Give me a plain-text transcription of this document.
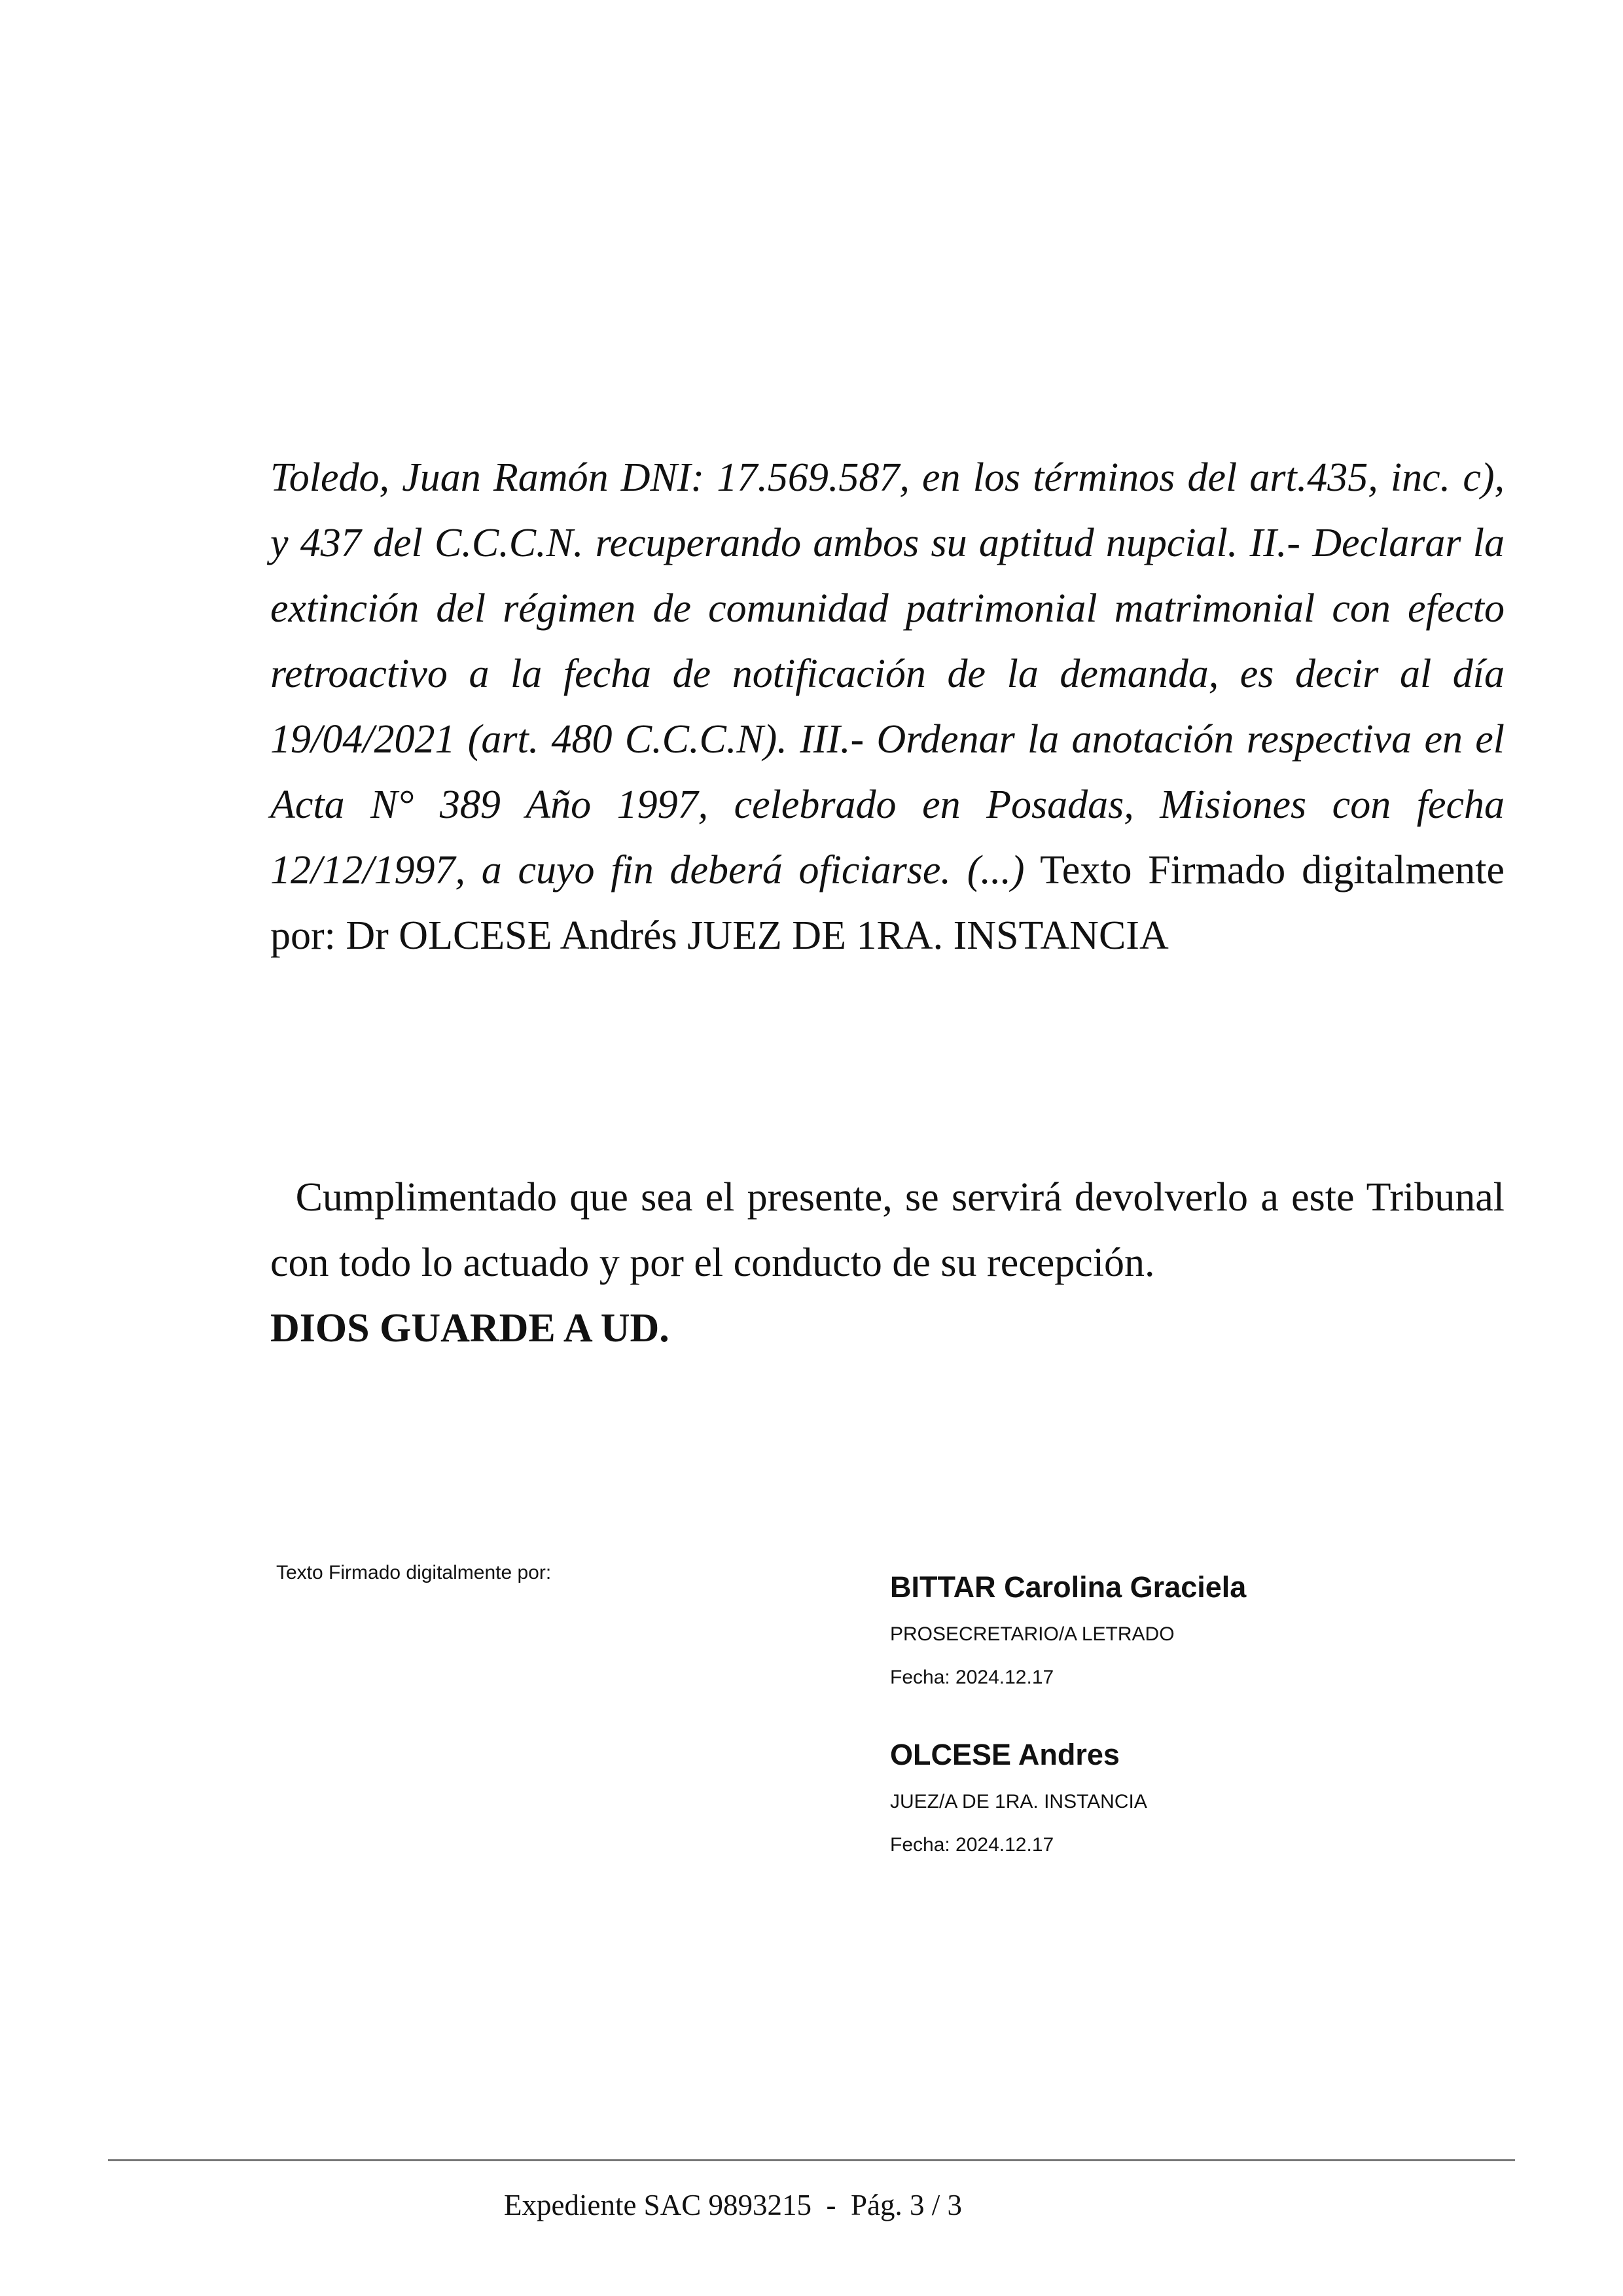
Toledo, Juan Ramón DNI: 17.569.587, en los términos del art.435, inc. c), y 437 del C.C.C.N. recuperando ambos su aptitud nupcial. II.- Declarar la extinción del régimen de comunidad patrimonial matrimonial con efecto retroactivo a la fecha de notificación de la demanda, es decir al día 19/04/2021 (art. 480 C.C.C.N). III.- Ordenar la anotación respectiva en el Acta N° 389 Año 1997, celebrado en Posadas, Misiones con fecha 12/12/1997, a cuyo fin deberá oficiarse. (...) Texto Firmado digitalmente por: Dr OLCESE Andrés JUEZ DE 1RA. INSTANCIA

Cumplimentado que sea el presente, se servirá devolverlo a este Tribunal con todo lo actuado y por el conducto de su recepción.
DIOS GUARDE A UD.

Texto Firmado digitalmente por:	BITTAR Carolina Graciela

PROSECRETARIO/A LETRADO

Fecha: 2024.12.17

OLCESE Andres

JUEZ/A DE 1RA. INSTANCIA

Fecha: 2024.12.17

Expediente SAC 9893215  -  Pág. 3 / 3
